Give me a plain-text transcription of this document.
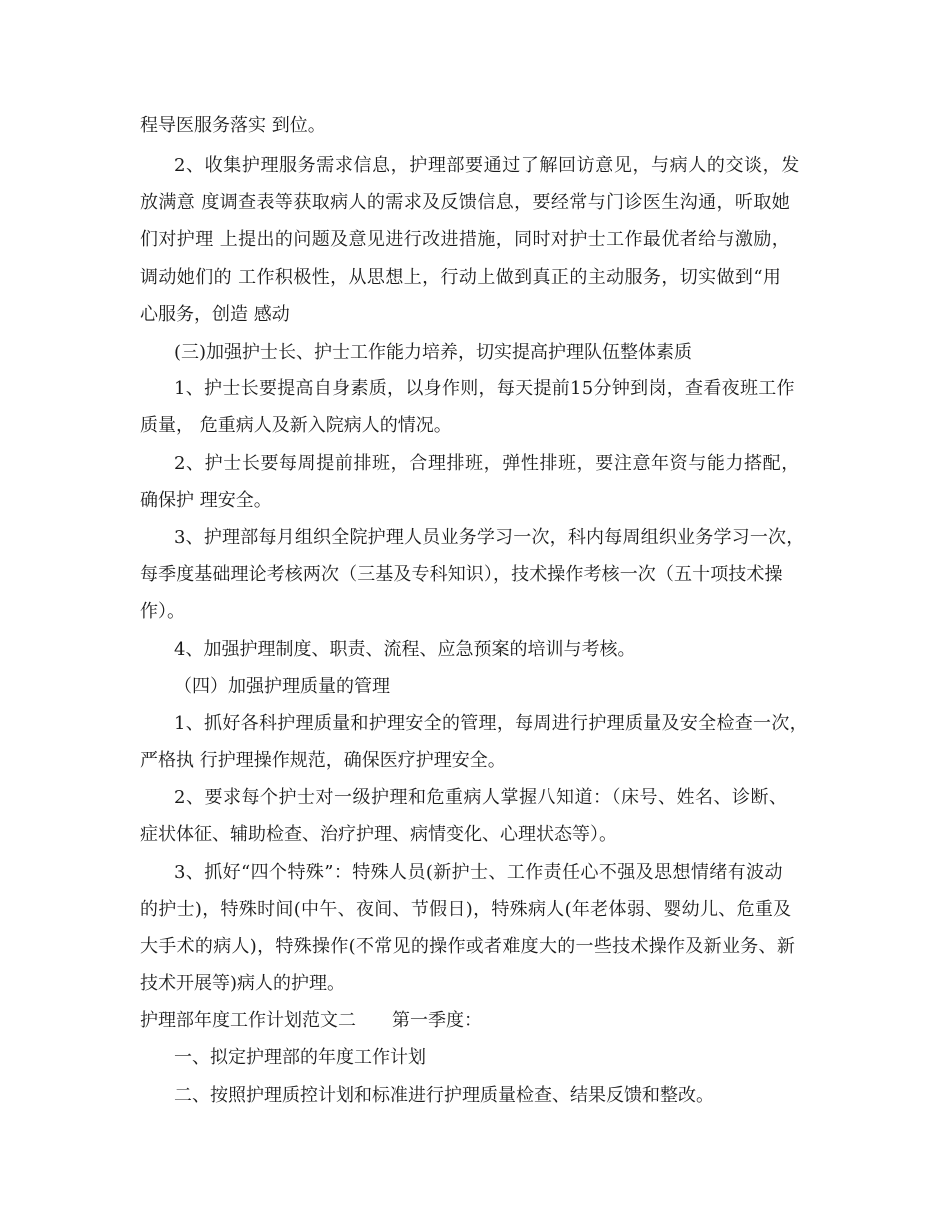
程导医服务落实 到位。
2、收集护理服务需求信息，护理部要通过了解回访意见，与病人的交谈，发
放满意 度调查表等获取病人的需求及反馈信息，要经常与门诊医生沟通，听取她
们对护理 上提出的问题及意见进行改进措施，同时对护士工作最优者给与激励，
调动她们的 工作积极性，从思想上，行动上做到真正的主动服务，切实做到“用
心服务，创造 感动
(三)加强护士长、护士工作能力培养，切实提高护理队伍整体素质
1、护士长要提高自身素质，以身作则，每天提前15分钟到岗，查看夜班工作
质量， 危重病人及新入院病人的情况。
2、护士长要每周提前排班，合理排班，弹性排班，要注意年资与能力搭配，
确保护 理安全。
3、护理部每月组织全院护理人员业务学习一次，科内每周组织业务学习一次，
每季度基础理论考核两次（三基及专科知识），技术操作考核一次（五十项技术操
作）。
4、加强护理制度、职责、流程、应急预案的培训与考核。
（四）加强护理质量的管理
1、抓好各科护理质量和护理安全的管理，每周进行护理质量及安全检查一次，
严格执 行护理操作规范，确保医疗护理安全。
2、要求每个护士对一级护理和危重病人掌握八知道：（床号、姓名、诊断、
症状体征、辅助检查、治疗护理、病情变化、心理状态等）。
3、抓好“四个特殊”：特殊人员(新护士、工作责任心不强及思想情绪有波动
的护士)，特殊时间(中午、夜间、节假日)，特殊病人(年老体弱、婴幼儿、危重及
大手术的病人)，特殊操作(不常见的操作或者难度大的一些技术操作及新业务、新
技术开展等)病人的护理。
护理部年度工作计划范文二　　第一季度：
一、拟定护理部的年度工作计划
二、按照护理质控计划和标准进行护理质量检查、结果反馈和整改。
